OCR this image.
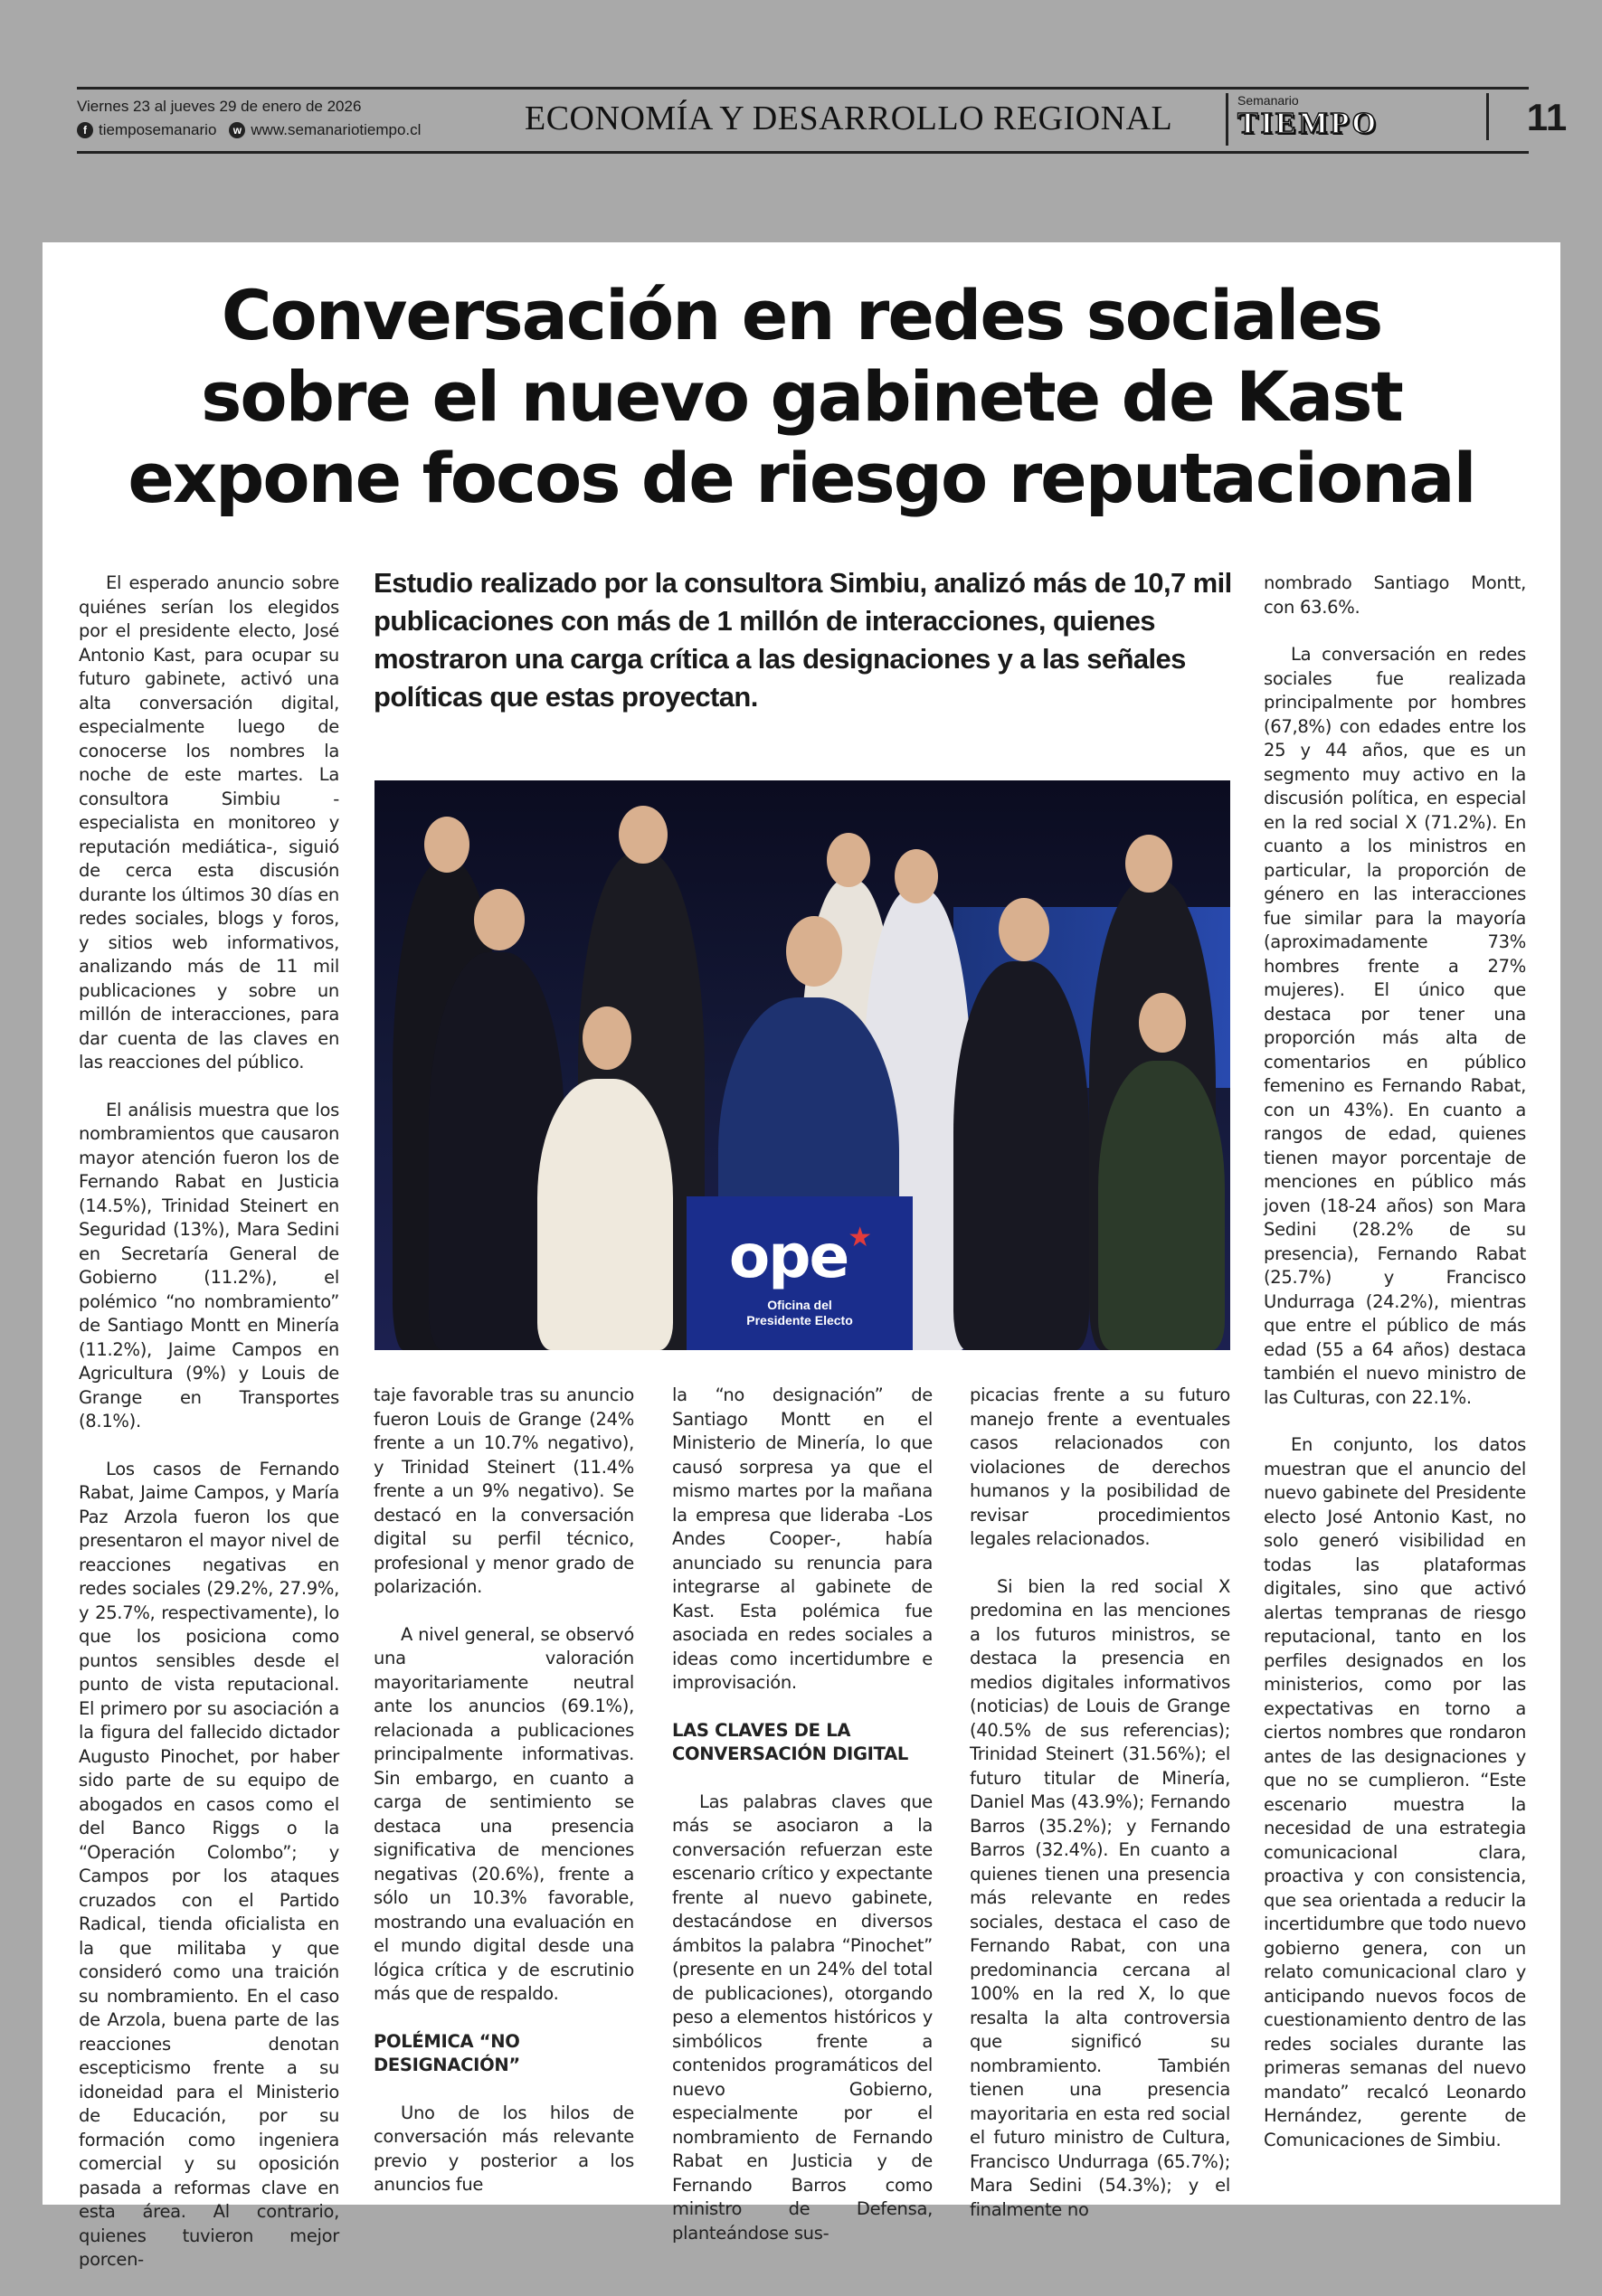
Viernes 23 al jueves 29 de enero de 2026
f tiemposemanario	w www.semanariotiempo.cl	ECONOMÍA Y DESARROLLO REGIONAL	Semanario
TIEMPO	11
Conversación en redes sociales
sobre el nuevo gabinete de Kast
expone focos de riesgo reputacional
Estudio realizado por la consultora Simbiu, analizó más de 10,7 mil publicaciones con más de 1 millón de interacciones, quienes mostraron una carga crítica a las designaciones y a las señales políticas que estas proyectan.

El esperado anuncio sobre quiénes serían los elegidos por el presidente electo, José Antonio Kast, para ocupar su futuro gabinete, activó una alta conversación digital, especialmente luego de conocerse los nombres la noche de este martes. La consultora Simbiu -especialista en monitoreo y reputación mediática-, siguió de cerca esta discusión durante los últimos 30 días en redes sociales, blogs y foros, y sitios web informativos, analizando más de 11 mil publicaciones y sobre un millón de interacciones, para dar cuenta de las claves en las reacciones del público.

El análisis muestra que los nombramientos que causaron mayor atención fueron los de Fernando Rabat en Justicia (14.5%), Trinidad Steinert en Seguridad (13%), Mara Sedini en Secretaría General de Gobierno (11.2%), el polémico “no nombramiento” de Santiago Montt en Minería (11.2%), Jaime Campos en Agricultura (9%) y Louis de Grange en Transportes (8.1%).

Los casos de Fernando Rabat, Jaime Campos, y María Paz Arzola fueron los que presentaron el mayor nivel de reacciones negativas en redes sociales (29.2%, 27.9%, y 25.7%, respectivamente), lo que los posiciona como puntos sensibles desde el punto de vista reputacional. El primero por su asociación a la figura del fallecido dictador Augusto Pinochet, por haber sido parte de su equipo de abogados en casos como el del Banco Riggs o la “Operación Colombo”; y Campos por los ataques cruzados con el Partido Radical, tienda oficialista en la que militaba y que consideró como una traición su nombramiento. En el caso de Arzola, buena parte de las reacciones denotan escepticismo frente a su idoneidad para el Ministerio de Educación, por su formación como ingeniera comercial y su oposición pasada a reformas clave en esta área. Al contrario, quienes tuvieron mejor porcen-

ope★
Oficina del
Presidente Electo

taje favorable tras su anuncio fueron Louis de Grange (24% frente a un 10.7% negativo), y Trinidad Steinert (11.4% frente a un 9% negativo). Se destacó en la conversación digital su perfil técnico, profesional y menor grado de polarización.

A nivel general, se observó una valoración mayoritariamente neutral ante los anuncios (69.1%), relacionada a publicaciones principalmente informativas. Sin embargo, en cuanto a carga de sentimiento se destaca una presencia significativa de menciones negativas (20.6%), frente a sólo un 10.3% favorable, mostrando una evaluación en el mundo digital desde una lógica crítica y de escrutinio más que de respaldo.

POLÉMICA “NO DESIGNACIÓN”

Uno de los hilos de conversación más relevante previo y posterior a los anuncios fue

la “no designación” de Santiago Montt en el Ministerio de Minería, lo que causó sorpresa ya que el mismo martes por la mañana la empresa que lideraba -Los Andes Cooper-, había anunciado su renuncia para integrarse al gabinete de Kast. Esta polémica fue asociada en redes sociales a ideas como incertidumbre e improvisación.

LAS CLAVES DE LA CONVERSACIÓN DIGITAL

Las palabras claves que más se asociaron a la conversación refuerzan este escenario crítico y expectante frente al nuevo gabinete, destacándose en diversos ámbitos la palabra “Pinochet” (presente en un 24% del total de publicaciones), otorgando peso a elementos históricos y simbólicos frente a contenidos programáticos del nuevo Gobierno, especialmente por el nombramiento de Fernando Rabat en Justicia y de Fernando Barros como ministro de Defensa, planteándose sus-

picacias frente a su futuro manejo frente a eventuales casos relacionados con violaciones de derechos humanos y la posibilidad de revisar procedimientos legales relacionados.

Si bien la red social X predomina en las menciones a los futuros ministros, se destaca la presencia en medios digitales informativos (noticias) de Louis de Grange (40.5% de sus referencias); Trinidad Steinert (31.56%); el futuro titular de Minería, Daniel Mas (43.9%); Fernando Barros (35.2%); y Fernando Barros (32.4%). En cuanto a quienes tienen una presencia más relevante en redes sociales, destaca el caso de Fernando Rabat, con una predominancia cercana al 100% en la red X, lo que resalta la alta controversia que significó su nombramiento. También tienen una presencia mayoritaria en esta red social el futuro ministro de Cultura, Francisco Undurraga (65.7%); Mara Sedini (54.3%); y el finalmente no

nombrado Santiago Montt, con 63.6%.

La conversación en redes sociales fue realizada principalmente por hombres (67,8%) con edades entre los 25 y 44 años, que es un segmento muy activo en la discusión política, en especial en la red social X (71.2%). En cuanto a los ministros en particular, la proporción de género en las interacciones fue similar para la mayoría (aproximadamente 73% hombres frente a 27% mujeres). El único que destaca por tener una proporción más alta de comentarios en público femenino es Fernando Rabat, con un 43%). En cuanto a rangos de edad, quienes tienen mayor porcentaje de menciones en público más joven (18-24 años) son Mara Sedini (28.2% de su presencia), Fernando Rabat (25.7%) y Francisco Undurraga (24.2%), mientras que entre el público de más edad (55 a 64 años) destaca también el nuevo ministro de las Culturas, con 22.1%.

En conjunto, los datos muestran que el anuncio del nuevo gabinete del Presidente electo José Antonio Kast, no solo generó visibilidad en todas las plataformas digitales, sino que activó alertas tempranas de riesgo reputacional, tanto en los perfiles designados en los ministerios, como por las expectativas en torno a ciertos nombres que rondaron antes de las designaciones y que no se cumplieron. “Este escenario muestra la necesidad de una estrategia comunicacional clara, proactiva y con consistencia, que sea orientada a reducir la incertidumbre que todo nuevo gobierno genera, con un relato comunicacional claro y anticipando nuevos focos de cuestionamiento dentro de las redes sociales durante las primeras semanas del nuevo mandato” recalcó Leonardo Hernández, gerente de Comunicaciones de Simbiu.
